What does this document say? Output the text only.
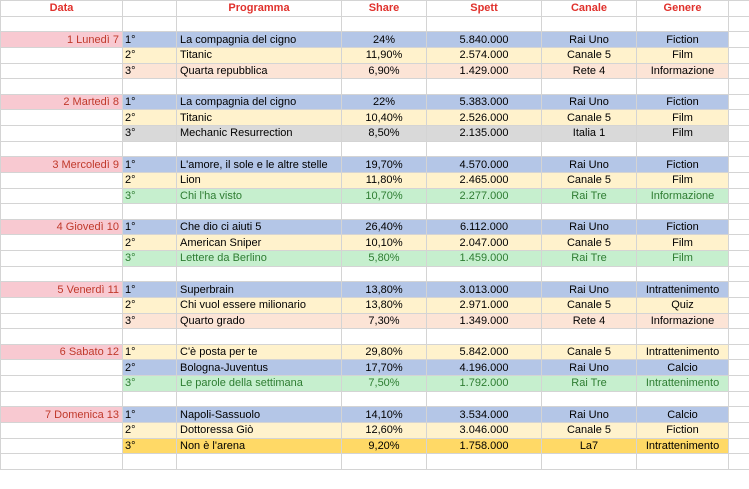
Data		Programma	Share	Spett	Canale	Genere	

1 Lunedì 7	1°	La compagnia del cigno	24%	5.840.000	Rai Uno	Fiction	
	2°	Titanic	11,90%	2.574.000	Canale 5	Film	
	3°	Quarta repubblica	6,90%	1.429.000	Rete 4	Informazione	

2 Martedì 8	1°	La compagnia del cigno	22%	5.383.000	Rai Uno	Fiction	
	2°	Titanic	10,40%	2.526.000	Canale 5	Film	
	3°	Mechanic Resurrection	8,50%	2.135.000	Italia 1	Film	

3 Mercoledì 9	1°	L'amore, il sole e le altre stelle	19,70%	4.570.000	Rai Uno	Fiction	
	2°	Lion	11,80%	2.465.000	Canale 5	Film	
	3°	Chi l'ha visto	10,70%	2.277.000	Rai Tre	Informazione	

4 Giovedì 10	1°	Che dio ci aiuti 5	26,40%	6.112.000	Rai Uno	Fiction	
	2°	American Sniper	10,10%	2.047.000	Canale 5	Film	
	3°	Lettere da Berlino	5,80%	1.459.000	Rai Tre	Film	

5 Venerdì 11	1°	Superbrain	13,80%	3.013.000	Rai Uno	Intrattenimento	
	2°	Chi vuol essere milionario	13,80%	2.971.000	Canale 5	Quiz	
	3°	Quarto grado	7,30%	1.349.000	Rete 4	Informazione	

6 Sabato 12	1°	C'è posta per te	29,80%	5.842.000	Canale 5	Intrattenimento	
	2°	Bologna-Juventus	17,70%	4.196.000	Rai Uno	Calcio	
	3°	Le parole della settimana	7,50%	1.792.000	Rai Tre	Intrattenimento	

7 Domenica 13	1°	Napoli-Sassuolo	14,10%	3.534.000	Rai Uno	Calcio	
	2°	Dottoressa Giò	12,60%	3.046.000	Canale 5	Fiction	
	3°	Non è l'arena	9,20%	1.758.000	La7	Intrattenimento	
